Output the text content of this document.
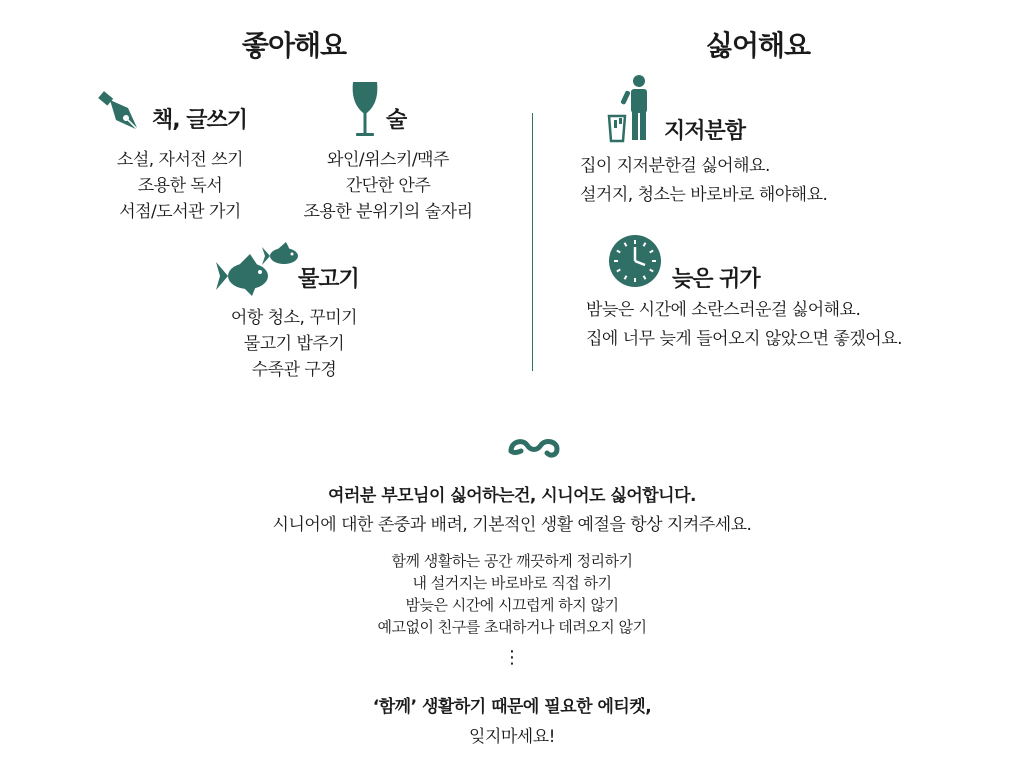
좋아해요
책, 글쓰기
소설, 자서전 쓰기
조용한 독서
서점/도서관 가기
술
와인/위스키/맥주
간단한 안주
조용한 분위기의 술자리
물고기
어항 청소, 꾸미기
물고기 밥주기
수족관 구경
싫어해요
지저분함
집이 지저분한걸 싫어해요.
설거지, 청소는 바로바로 해야해요.
늦은 귀가
밤늦은 시간에 소란스러운걸 싫어해요.
집에 너무 늦게 들어오지 않았으면 좋겠어요.
여러분 부모님이 싫어하는건, 시니어도 싫어합니다.
시니어에 대한 존중과 배려, 기본적인 생활 예절을 항상 지켜주세요.
함께 생활하는 공간 깨끗하게 정리하기
내 설거지는 바로바로 직접 하기
밤늦은 시간에 시끄럽게 하지 않기
예고없이 친구를 초대하거나 데려오지 않기
⋮
‘함께’ 생활하기 때문에 필요한 에티켓,
잊지마세요!
